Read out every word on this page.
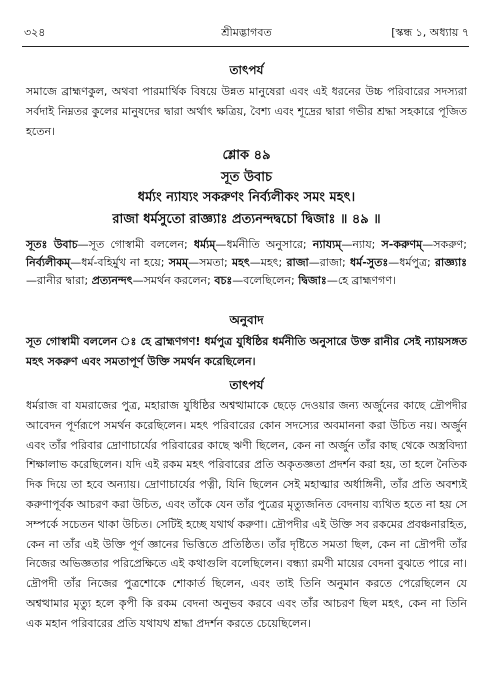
৩২৪	শ্রীমদ্ভাগবত	[স্কন্ধ ১, অধ্যায় ৭
তাৎপর্য
সমাজে ব্রাহ্মণকুল, অথবা পারমার্থিক বিষয়ে উন্নত মানুষেরা এবং এই ধরনের উচ্চ পরিবারের সদস্যরা সর্বদাই নিম্নতর কুলের মানুষদের দ্বারা অর্থাৎ ক্ষত্রিয়, বৈশ্য এবং শূদ্রের দ্বারা গভীর শ্রদ্ধা সহকারে পূজিত হতেন।
শ্লোক ৪৯
সূত উবাচ
ধর্ম্যং ন্যায্যং সকরুণং নির্ব্যলীকং সমং মহৎ।
রাজা ধর্মসুতো রাজ্ঞ্যাঃ প্রত্যনন্দদ্বচো দ্বিজাঃ ॥ ৪৯ ॥
সূতঃ উবাচ—সূত গোস্বামী বললেন; ধর্ম্যম্—ধর্মনীতি অনুসারে; ন্যায্যম্—ন্যায; স-করুণম্—সকরুণ; নির্ব্যলীকম্—ধর্ম-বহির্মুখ না হয়ে; সমম্—সমতা; মহৎ—মহৎ; রাজা—রাজা; ধর্ম-সুতঃ—ধর্মপুত্র; রাজ্ঞ্যাঃ—রানীর দ্বারা; প্রত্যনন্দৎ—সমর্থন করলেন; বচঃ—বলেছিলেন; দ্বিজাঃ—হে ব্রাহ্মণগণ।
অনুবাদ
সূত গোস্বামী বললেন ঃ হে ব্রাহ্মণগণ! ধর্মপুত্র যুধিষ্ঠির ধর্মনীতি অনুসারে উক্ত রানীর সেই ন্যায়সঙ্গত মহৎ সকরুণ এবং সমতাপূর্ণ উক্তি সমর্থন করেছিলেন।
তাৎপর্য
ধর্মরাজ বা যমরাজের পুত্র, মহারাজ যুধিষ্ঠির অশ্বত্থামাকে ছেড়ে দেওয়ার জন্য অর্জুনের কাছে দ্রৌপদীর আবেদন পূর্ণরূপে সমর্থন করেছিলেন। মহৎ পরিবারের কোন সদস্যের অবমাননা করা উচিত নয়। অর্জুন এবং তাঁর পরিবার দ্রোণাচার্যের পরিবারের কাছে ঋণী ছিলেন, কেন না অর্জুন তাঁর কাছ থেকে অস্ত্রবিদ্যা শিক্ষালাভ করেছিলেন। যদি এই রকম মহৎ পরিবারের প্রতি অকৃতজ্ঞতা প্রদর্শন করা হয়, তা হলে নৈতিক দিক দিয়ে তা হবে অন্যায়। দ্রোণাচার্যের পত্নী, যিনি ছিলেন সেই মহাত্মার অর্ধাঙ্গিনী, তাঁর প্রতি অবশ্যই করুণাপূর্বক আচরণ করা উচিত, এবং তাঁকে যেন তাঁর পুত্রের মৃত্যুজনিত বেদনায় ব্যথিত হতে না হয় সে সম্পর্কে সচেতন থাকা উচিত। সেটিই হচ্ছে যথার্থ করুণা। দ্রৌপদীর এই উক্তি সব রকমের প্রবঞ্চনারহিত, কেন না তাঁর এই উক্তি পূর্ণ জ্ঞানের ভিত্তিতে প্রতিষ্ঠিত। তাঁর দৃষ্টিতে সমতা ছিল, কেন না দ্রৌপদী তাঁর নিজের অভিজ্ঞতার পরিপ্রেক্ষিতে এই কথাগুলি বলেছিলেন। বন্ধ্যা রমণী মায়ের বেদনা বুঝতে পারে না। দ্রৌপদী তাঁর নিজের পুত্রশোকে শোকার্ত ছিলেন, এবং তাই তিনি অনুমান করতে পেরেছিলেন যে অশ্বত্থামার মৃত্যু হলে কৃপী কি রকম বেদনা অনুভব করবে এবং তাঁর আচরণ ছিল মহৎ, কেন না তিনি এক মহান পরিবারের প্রতি যথাযথ শ্রদ্ধা প্রদর্শন করতে চেয়েছিলেন।
